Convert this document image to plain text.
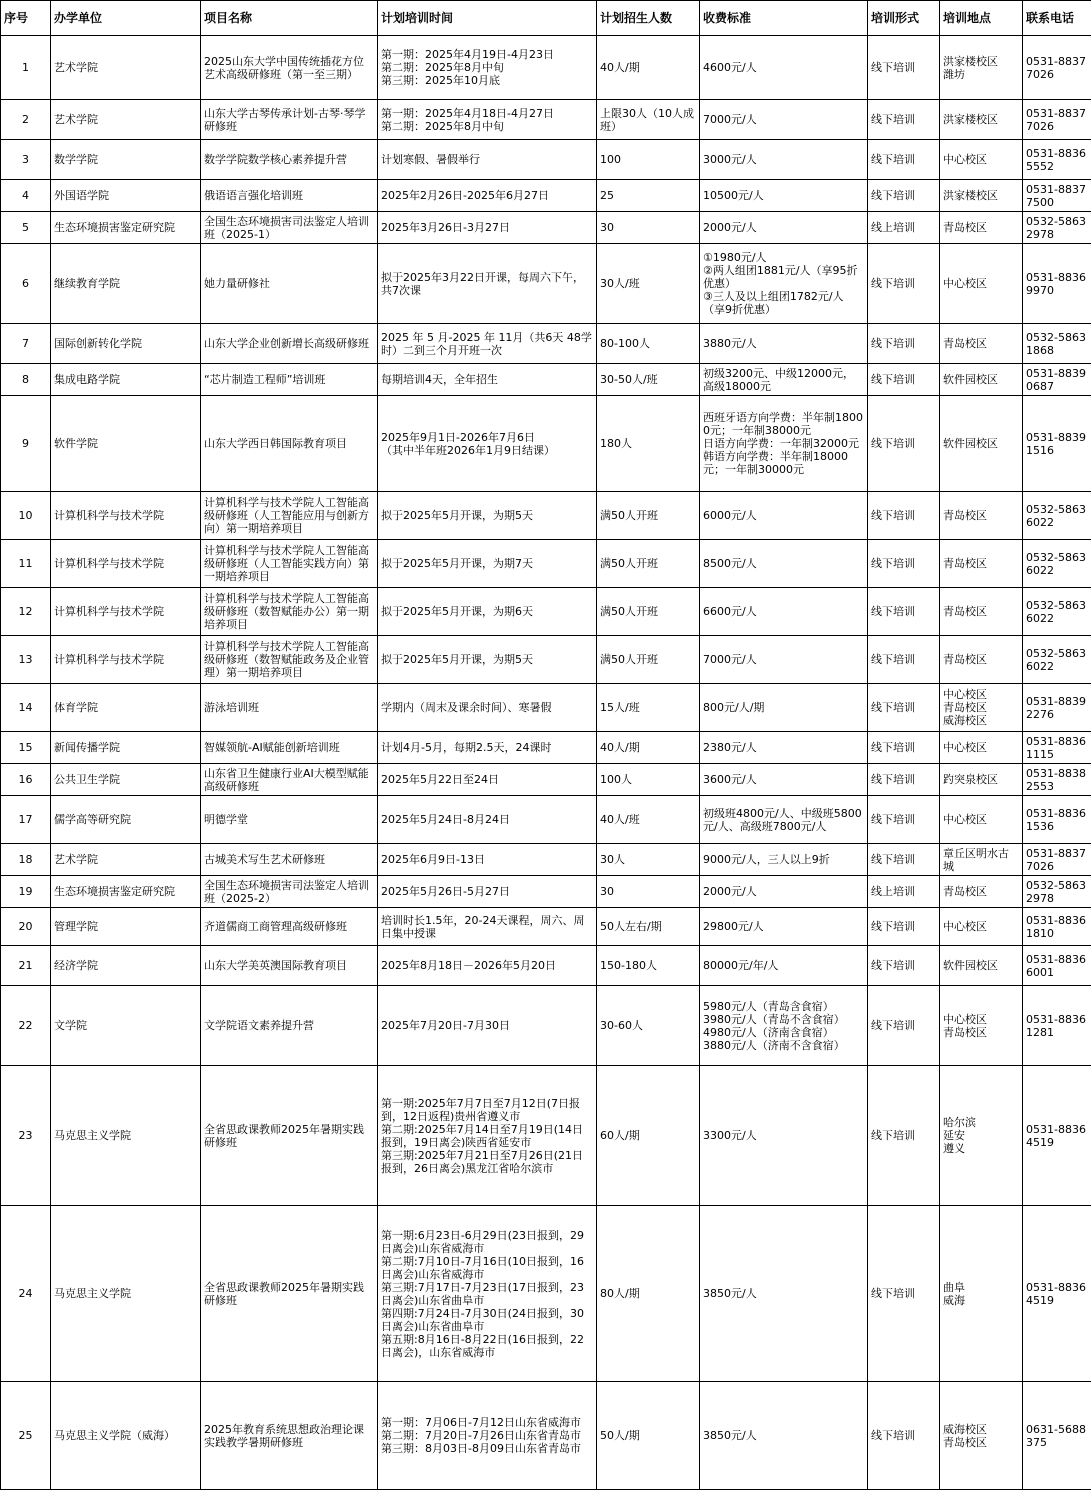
序号	办学单位	项目名称	计划培训时间	计划招生人数	收费标准	培训形式	培训地点	联系电话
1	艺术学院	2025山东大学中国传统插花方位艺术高级研修班（第一至三期）	第一期：2025年4月19日-4月23日
第二期：2025年8月中旬
第三期：2025年10月底	40人/期	4600元/人	线下培训	洪家楼校区
潍坊	0531-88377026
2	艺术学院	山东大学古琴传承计划-古琴·琴学研修班	第一期：2025年4月18日-4月27日
第二期：2025年8月中旬	上限30人（10人成班）	7000元/人	线下培训	洪家楼校区	0531-88377026
3	数学学院	数学学院数学核心素养提升营	计划寒假、暑假举行	100	3000元/人	线下培训	中心校区	0531-88365552
4	外国语学院	俄语语言强化培训班	2025年2月26日-2025年6月27日	25	10500元/人	线下培训	洪家楼校区	0531-88377500
5	生态环境损害鉴定研究院	全国生态环境损害司法鉴定人培训班（2025-1）	2025年3月26日-3月27日	30	2000元/人	线上培训	青岛校区	0532-58632978
6	继续教育学院	她力量研修社	拟于2025年3月22日开课，每周六下午，共7次课	30人/班	①1980元/人
②两人组团1881元/人（享95折优惠）
③三人及以上组团1782元/人（享9折优惠）	线下培训	中心校区	0531-88369970
7	国际创新转化学院	山东大学企业创新增长高级研修班	2025 年 5 月-2025 年 11月（共6天 48学时）二到三个月开班一次	80-100人	3880元/人	线下培训	青岛校区	0532-58631868
8	集成电路学院	“芯片制造工程师”培训班	每期培训4天，全年招生	30-50人/班	初级3200元、中级12000元，高级18000元	线下培训	软件园校区	0531-88390687
9	软件学院	山东大学西日韩国际教育项目	2025年9月1日-2026年7月6日
（其中半年班2026年1月9日结课）	180人	西班牙语方向学费：半年制18000元；一年制38000元
日语方向学费：一年制32000元
韩语方向学费：半年制18000元；一年制30000元	线下培训	软件园校区	0531-88391516
10	计算机科学与技术学院	计算机科学与技术学院人工智能高级研修班（人工智能应用与创新方向）第一期培养项目	拟于2025年5月开课，为期5天	满50人开班	6000元/人	线下培训	青岛校区	0532-58636022
11	计算机科学与技术学院	计算机科学与技术学院人工智能高级研修班（人工智能实践方向）第一期培养项目	拟于2025年5月开课，为期7天	满50人开班	8500元/人	线下培训	青岛校区	0532-58636022
12	计算机科学与技术学院	计算机科学与技术学院人工智能高级研修班（数智赋能办公）第一期培养项目	拟于2025年5月开课，为期6天	满50人开班	6600元/人	线下培训	青岛校区	0532-58636022
13	计算机科学与技术学院	计算机科学与技术学院人工智能高级研修班（数智赋能政务及企业管理）第一期培养项目	拟于2025年5月开课，为期5天	满50人开班	7000元/人	线下培训	青岛校区	0532-58636022
14	体育学院	游泳培训班	学期内（周末及课余时间）、寒暑假	15人/班	800元/人/期	线下培训	中心校区
青岛校区
威海校区	0531-88392276
15	新闻传播学院	智媒领航-AI赋能创新培训班	计划4月-5月，每期2.5天，24课时	40人/期	2380元/人	线下培训	中心校区	0531-88361115
16	公共卫生学院	山东省卫生健康行业AI大模型赋能高级研修班	2025年5月22日至24日	100人	3600元/人	线下培训	趵突泉校区	0531-88382553
17	儒学高等研究院	明德学堂	2025年5月24日-8月24日	40人/班	初级班4800元/人、中级班5800元/人、高级班7800元/人	线下培训	中心校区	0531-88361536
18	艺术学院	古城美术写生艺术研修班	2025年6月9日-13日	30人	9000元/人，三人以上9折	线下培训	章丘区明水古城	0531-88377026
19	生态环境损害鉴定研究院	全国生态环境损害司法鉴定人培训班（2025-2）	2025年5月26日-5月27日	30	2000元/人	线上培训	青岛校区	0532-58632978
20	管理学院	齐道儒商工商管理高级研修班	培训时长1.5年，20-24天课程，周六、周日集中授课	50人左右/期	29800元/人	线下培训	中心校区	0531-88361810
21	经济学院	山东大学美英澳国际教育项目	2025年8月18日－2026年5月20日	150-180人	80000元/年/人	线下培训	软件园校区	0531-88366001
22	文学院	文学院语文素养提升营	2025年7月20日-7月30日	30-60人	5980元/人（青岛含食宿）
3980元/人（青岛不含食宿）
4980元/人（济南含食宿）
3880元/人（济南不含食宿）	线下培训	中心校区
青岛校区	0531-88361281
23	马克思主义学院	全省思政课教师2025年暑期实践研修班	第一期:2025年7月7日至7月12日(7日报到，12日返程)贵州省遵义市
第二期:2025年7月14日至7月19日(14日报到，19日离会)陕西省延安市
第三期:2025年7月21日至7月26日(21日报到，26日离会)黑龙江省哈尔滨市	60人/期	3300元/人	线下培训	哈尔滨
延安
遵义	0531-88364519
24	马克思主义学院	全省思政课教师2025年暑期实践研修班	第一期:6月23日-6月29日(23日报到，29日离会)山东省威海市
第二期:7月10日-7月16日(10日报到，16日离会)山东省威海市
第三期:7月17日-7月23日(17日报到，23日离会)山东省曲阜市
第四期:7月24日-7月30日(24日报到，30日离会)山东省曲阜市
第五期:8月16日-8月22日(16日报到，22日离会)，山东省威海市	80人/期	3850元/人	线下培训	曲阜
威海	0531-88364519
25	马克思主义学院（威海）	2025年教育系统思想政治理论课实践教学暑期研修班	第一期：7月06日-7月12日山东省威海市
第二期：7月20日-7月26日山东省青岛市
第三期：8月03日-8月09日山东省青岛市	50人/期	3850元/人	线下培训	威海校区
青岛校区	0631-5688375
